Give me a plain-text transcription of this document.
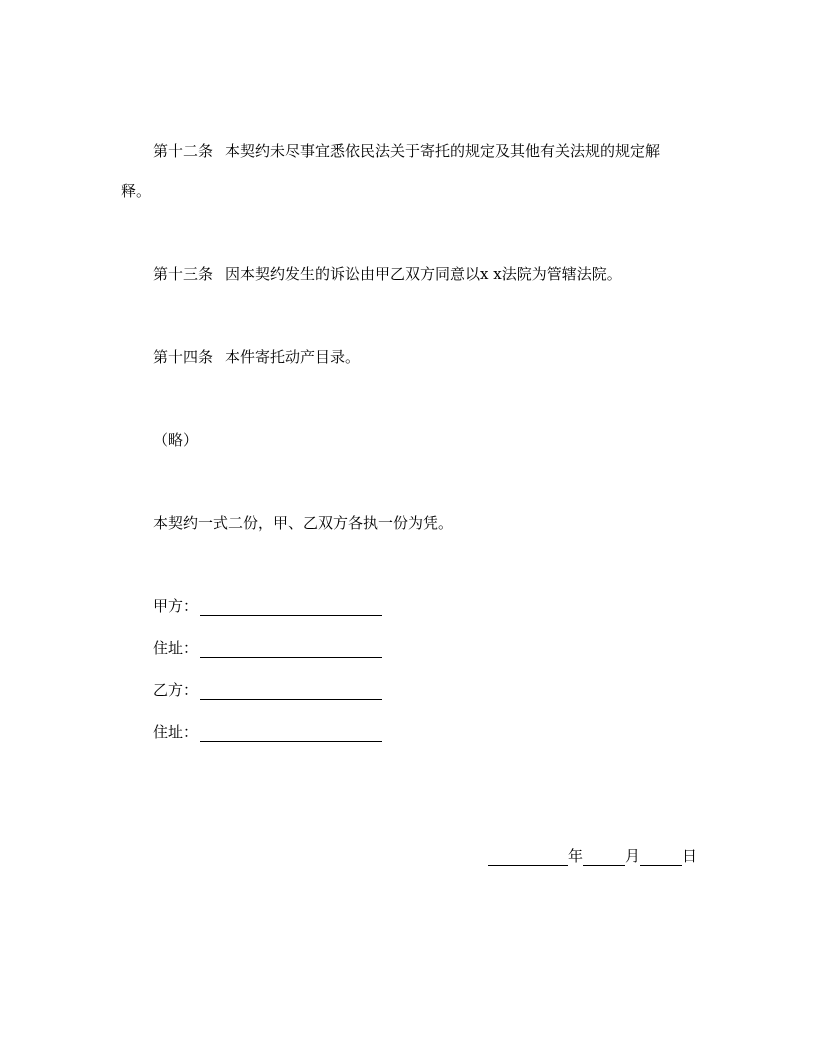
第十二条 本契约未尽事宜悉依民法关于寄托的规定及其他有关法规的规定解
释。
第十三条 因本契约发生的诉讼由甲乙双方同意以x x法院为管辖法院。
第十四条 本件寄托动产目录。
（略）
本契约一式二份，甲、乙双方各执一份为凭。
甲方：
住址：
乙方：
住址：
年	月	日
